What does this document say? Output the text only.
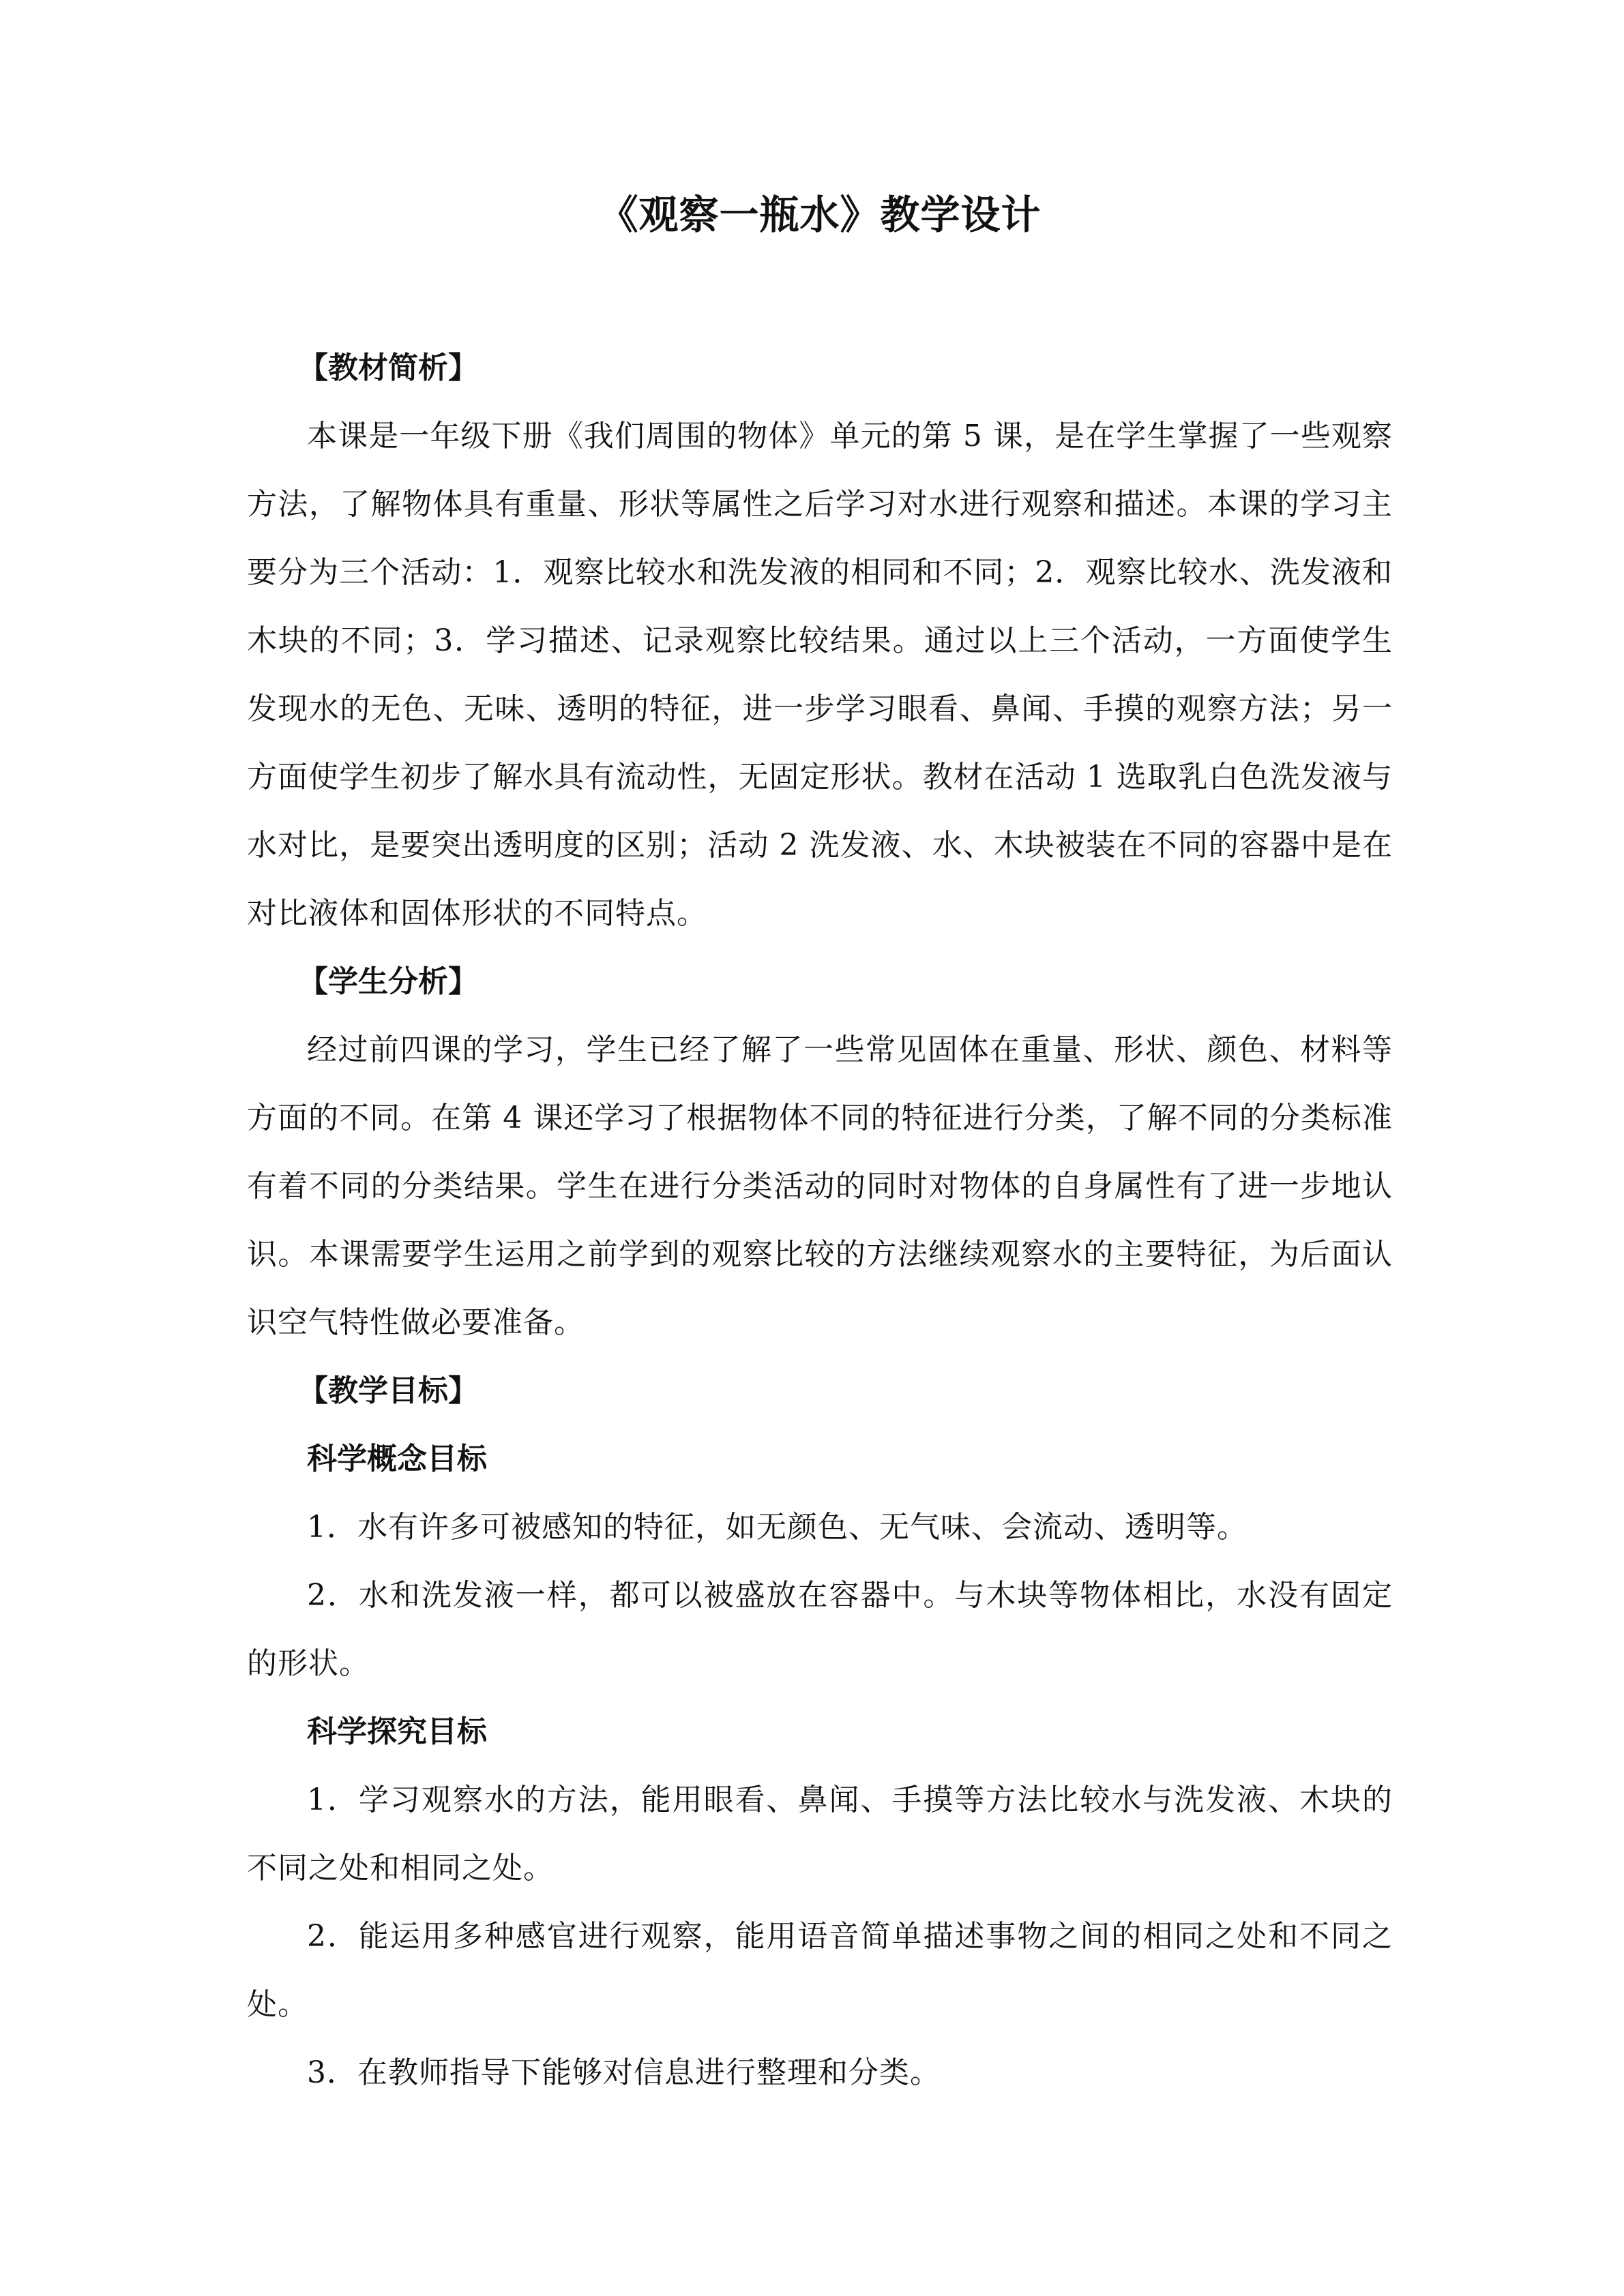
《观察一瓶水》教学设计
【教材简析】

本课是一年级下册《我们周围的物体》单元的第 5 课，是在学生掌握了一些观察方法，了解物体具有重量、形状等属性之后学习对水进行观察和描述。本课的学习主要分为三个活动：1．观察比较水和洗发液的相同和不同；2．观察比较水、洗发液和木块的不同；3．学习描述、记录观察比较结果。通过以上三个活动，一方面使学生发现水的无色、无味、透明的特征，进一步学习眼看、鼻闻、手摸的观察方法；另一方面使学生初步了解水具有流动性，无固定形状。教材在活动 1 选取乳白色洗发液与水对比，是要突出透明度的区别；活动 2 洗发液、水、木块被装在不同的容器中是在对比液体和固体形状的不同特点。

【学生分析】

经过前四课的学习，学生已经了解了一些常见固体在重量、形状、颜色、材料等方面的不同。在第 4 课还学习了根据物体不同的特征进行分类，了解不同的分类标准有着不同的分类结果。学生在进行分类活动的同时对物体的自身属性有了进一步地认识。本课需要学生运用之前学到的观察比较的方法继续观察水的主要特征，为后面认识空气特性做必要准备。

【教学目标】
科学概念目标

1．水有许多可被感知的特征，如无颜色、无气味、会流动、透明等。

2．水和洗发液一样，都可以被盛放在容器中。与木块等物体相比，水没有固定的形状。

科学探究目标

1．学习观察水的方法，能用眼看、鼻闻、手摸等方法比较水与洗发液、木块的不同之处和相同之处。

2．能运用多种感官进行观察，能用语音简单描述事物之间的相同之处和不同之处。

3．在教师指导下能够对信息进行整理和分类。
